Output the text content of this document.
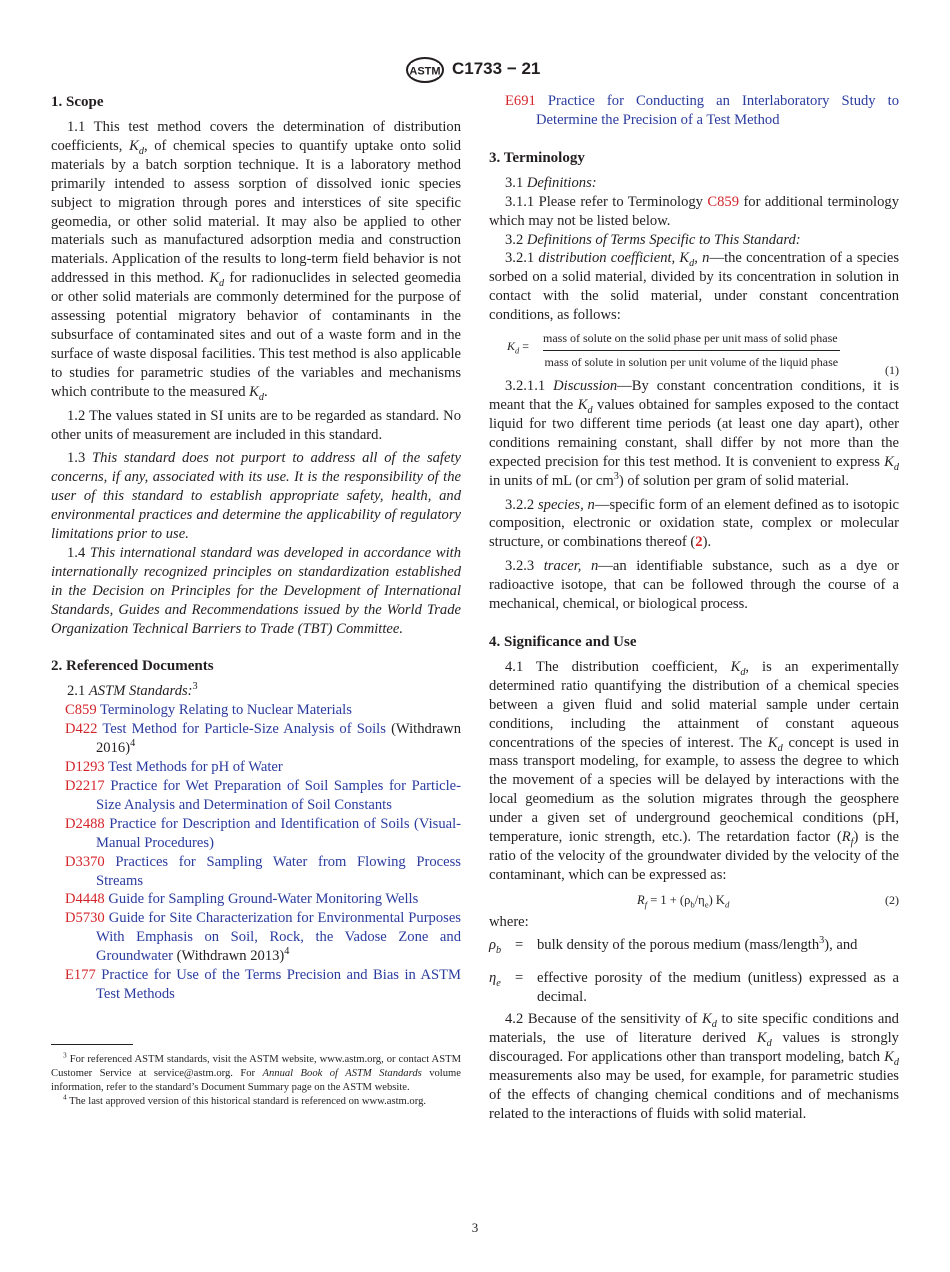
ASTM C1733 − 21
1. Scope

1.1 This test method covers the determination of distribution coefficients, $K_d$, of chemical species to quantify uptake onto solid materials by a batch sorption technique. It is a laboratory method primarily intended to assess sorption of dissolved ionic species subject to migration through pores and interstices of site specific geomedia, or other solid material. It may also be applied to other materials such as manufactured adsorption media and construction materials. Application of the results to long-term field behavior is not addressed in this method. $K_d$ for radionuclides in selected geomedia or other solid materials are commonly determined for the purpose of assessing potential migratory behavior of contaminants in the subsurface of contaminated sites and out of a waste form and in the surface of waste disposal facilities. This test method is also applicable to studies for parametric studies of the variables and mechanisms which contribute to the measured $K_d$.

1.2 The values stated in SI units are to be regarded as standard. No other units of measurement are included in this standard.

1.3 This standard does not purport to address all of the safety concerns, if any, associated with its use. It is the responsibility of the user of this standard to establish appropriate safety, health, and environmental practices and determine the applicability of regulatory limitations prior to use.

1.4 This international standard was developed in accordance with internationally recognized principles on standardization established in the Decision on Principles for the Development of International Standards, Guides and Recommendations issued by the World Trade Organization Technical Barriers to Trade (TBT) Committee.

2. Referenced Documents

2.1 ASTM Standards:$^3$

C859 Terminology Relating to Nuclear Materials

D422 Test Method for Particle-Size Analysis of Soils (Withdrawn 2016)$^4$

D1293 Test Methods for pH of Water

D2217 Practice for Wet Preparation of Soil Samples for Particle-Size Analysis and Determination of Soil Constants

D2488 Practice for Description and Identification of Soils (Visual-Manual Procedures)

D3370 Practices for Sampling Water from Flowing Process Streams

D4448 Guide for Sampling Ground-Water Monitoring Wells

D5730 Guide for Site Characterization for Environmental Purposes With Emphasis on Soil, Rock, the Vadose Zone and Groundwater (Withdrawn 2013)$^4$

E177 Practice for Use of the Terms Precision and Bias in ASTM Test Methods

$^3$ For referenced ASTM standards, visit the ASTM website, www.astm.org, or contact ASTM Customer Service at service@astm.org. For Annual Book of ASTM Standards volume information, refer to the standard’s Document Summary page on the ASTM website.

$^4$ The last approved version of this historical standard is referenced on www.astm.org.

E691 Practice for Conducting an Interlaboratory Study to Determine the Precision of a Test Method

3. Terminology

3.1 Definitions:

3.1.1 Please refer to Terminology C859 for additional terminology which may not be listed below.

3.2 Definitions of Terms Specific to This Standard:

3.2.1 distribution coefficient, $K_d$, n—the concentration of a species sorbed on a solid material, divided by its concentration in solution in contact with the solid material, under constant concentration conditions, as follows:

$K_d$ =
mass of solute on the solid phase per unit mass of solid phase
mass of solute in solution per unit volume of the liquid phase
(1)

3.2.1.1 Discussion—By constant concentration conditions, it is meant that the $K_d$ values obtained for samples exposed to the contact liquid for two different time periods (at least one day apart), other conditions remaining constant, shall differ by not more than the expected precision for this test method. It is convenient to express $K_d$ in units of mL (or $cm^3$) of solution per gram of solid material.

3.2.2 species, n—specific form of an element defined as to isotopic composition, electronic or oxidation state, complex or molecular structure, or combinations thereof (2).

3.2.3 tracer, n—an identifiable substance, such as a dye or radioactive isotope, that can be followed through the course of a mechanical, chemical, or biological process.

4. Significance and Use

4.1 The distribution coefficient, $K_d$, is an experimentally determined ratio quantifying the distribution of a chemical species between a given fluid and solid material sample under certain conditions, including the attainment of constant aqueous concentrations of the species of interest. The $K_d$ concept is used in mass transport modeling, for example, to assess the degree to which the movement of a species will be delayed by interactions with the local geomedium as the solution migrates through the geosphere under a given set of underground geochemical conditions (pH, temperature, ionic strength, etc.). The retardation factor $(R_f)$ is the ratio of the velocity of the groundwater divided by the velocity of the contaminant, which can be expressed as:

$R_f = 1 + (\rho_b/\eta_e)$ $K_d$	(2)

where:

$\rho_b$ = bulk density of the porous medium (mass/length$^3$), and
$\eta_e$ = effective porosity of the medium (unitless) expressed as a decimal.

4.2 Because of the sensitivity of $K_d$ to site specific conditions and materials, the use of literature derived $K_d$ values is strongly discouraged. For applications other than transport modeling, batch $K_d$ measurements also may be used, for example, for parametric studies of the effects of changing chemical conditions and of mechanisms related to the interactions of fluids with solid material.

3
